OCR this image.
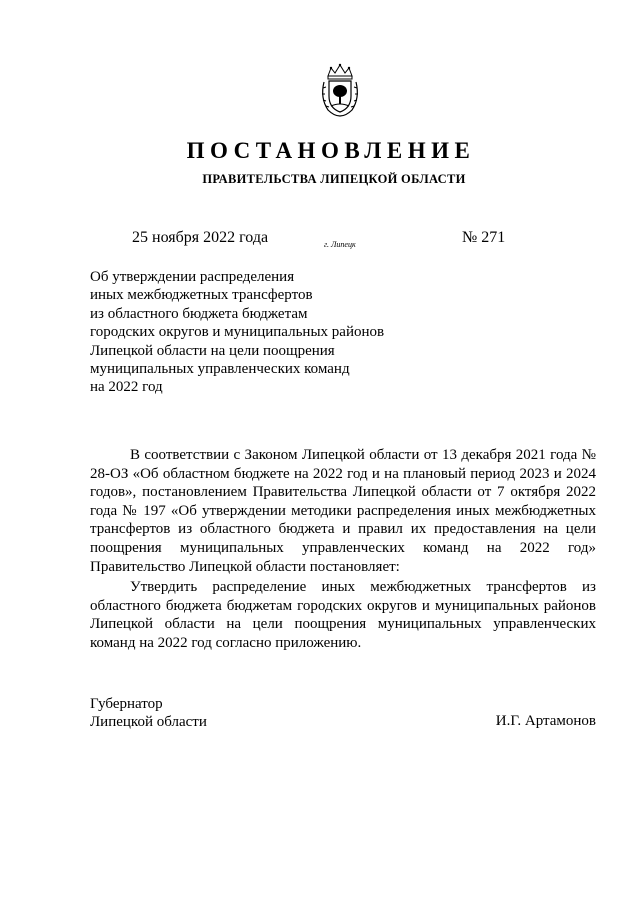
ПОСТАНОВЛЕНИЕ
ПРАВИТЕЛЬСТВА ЛИПЕЦКОЙ ОБЛАСТИ
25 ноября 2022 года	г. Липецк	№ 271
Об утверждении распределения
иных межбюджетных трансфертов
из областного бюджета бюджетам
городских округов и муниципальных районов
Липецкой области на цели поощрения
муниципальных управленческих команд
на 2022 год

В соответствии с Законом Липецкой области от 13 декабря 2021 года № 28-ОЗ «Об областном бюджете на 2022 год и на плановый период 2023 и 2024 годов», постановлением Правительства Липецкой области от 7 октября 2022 года № 197 «Об утверждении методики распределения иных межбюджетных трансфертов из областного бюджета и правил их предоставления на цели поощрения муниципальных управленческих команд на 2022 год» Правительство Липецкой области постановляет:

Утвердить распределение иных межбюджетных трансфертов из областного бюджета бюджетам городских округов и муниципальных районов Липецкой области на цели поощрения муниципальных управленческих команд на 2022 год согласно приложению.

Губернатор
Липецкой области	И.Г. Артамонов
